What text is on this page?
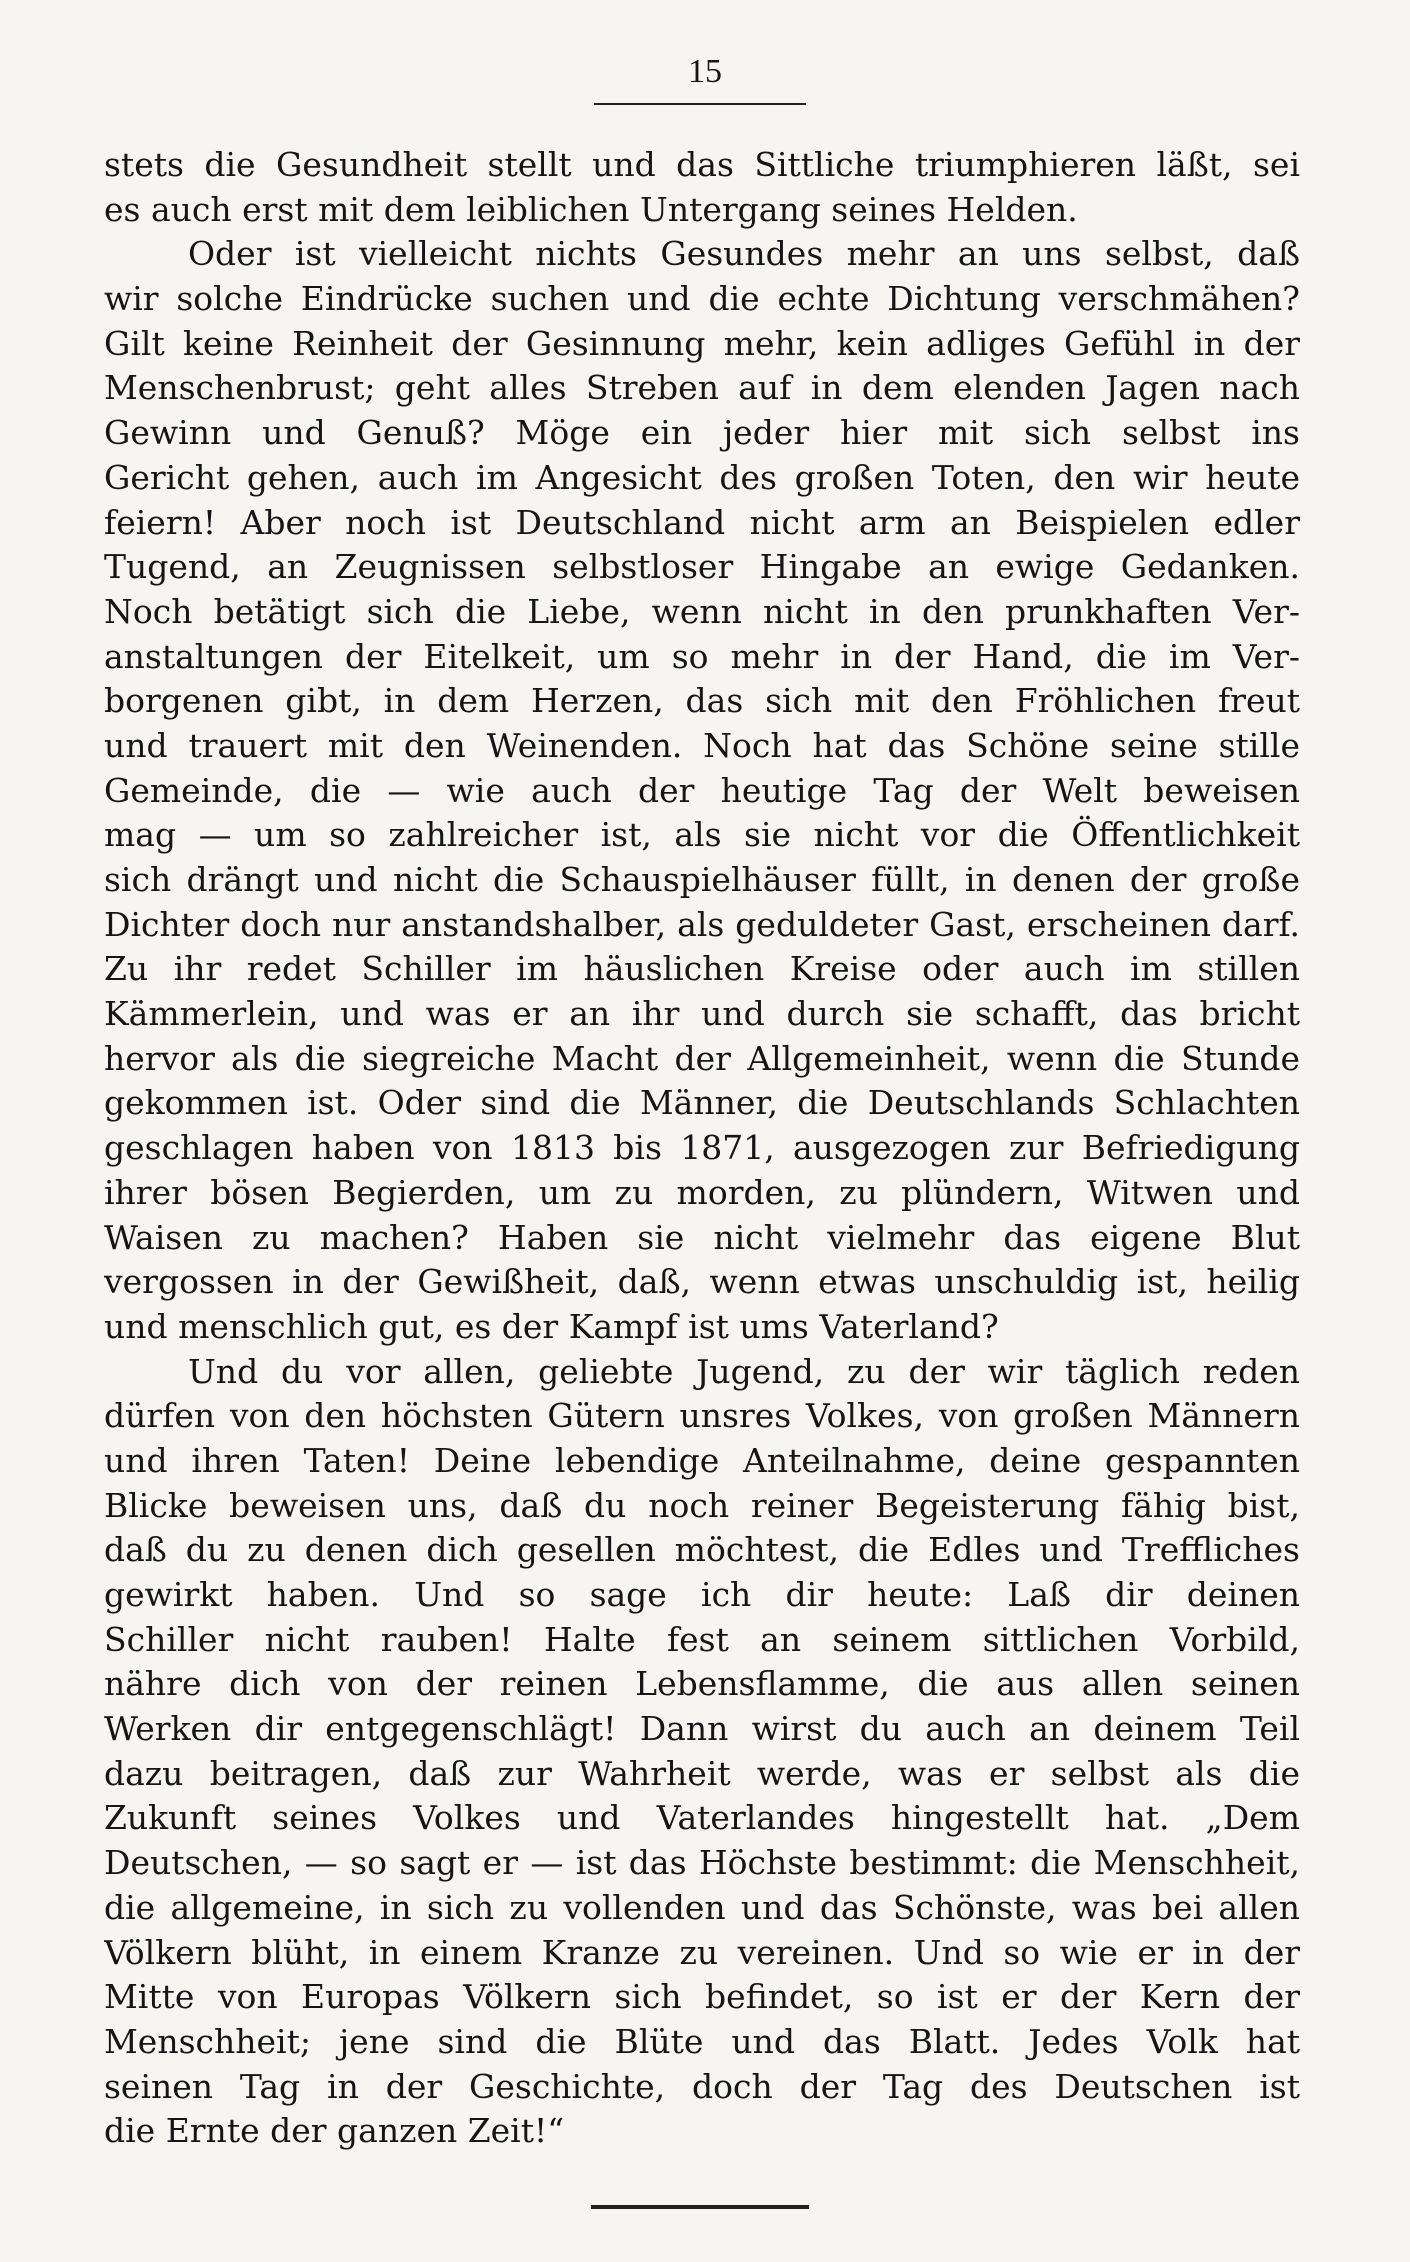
15
stets die Gesundheit stellt und das Sittliche triumphieren läßt, sei
es auch erst mit dem leiblichen Untergang seines Helden.
Oder ist vielleicht nichts Gesundes mehr an uns selbst, daß
wir solche Eindrücke suchen und die echte Dichtung verschmähen?
Gilt keine Reinheit der Gesinnung mehr, kein adliges Gefühl in der
Menschenbrust; geht alles Streben auf in dem elenden Jagen nach
Gewinn und Genuß? Möge ein jeder hier mit sich selbst ins
Gericht gehen, auch im Angesicht des großen Toten, den wir heute
feiern! Aber noch ist Deutschland nicht arm an Beispielen edler
Tugend, an Zeugnissen selbstloser Hingabe an ewige Gedanken.
Noch betätigt sich die Liebe, wenn nicht in den prunkhaften Ver-
anstaltungen der Eitelkeit, um so mehr in der Hand, die im Ver-
borgenen gibt, in dem Herzen, das sich mit den Fröhlichen freut
und trauert mit den Weinenden. Noch hat das Schöne seine stille
Gemeinde, die — wie auch der heutige Tag der Welt beweisen
mag — um so zahlreicher ist, als sie nicht vor die Öffentlichkeit
sich drängt und nicht die Schauspielhäuser füllt, in denen der große
Dichter doch nur anstandshalber, als geduldeter Gast, erscheinen darf.
Zu ihr redet Schiller im häuslichen Kreise oder auch im stillen
Kämmerlein, und was er an ihr und durch sie schafft, das bricht
hervor als die siegreiche Macht der Allgemeinheit, wenn die Stunde
gekommen ist. Oder sind die Männer, die Deutschlands Schlachten
geschlagen haben von 1813 bis 1871, ausgezogen zur Befriedigung
ihrer bösen Begierden, um zu morden, zu plündern, Witwen und
Waisen zu machen? Haben sie nicht vielmehr das eigene Blut
vergossen in der Gewißheit, daß, wenn etwas unschuldig ist, heilig
und menschlich gut, es der Kampf ist ums Vaterland?
Und du vor allen, geliebte Jugend, zu der wir täglich reden
dürfen von den höchsten Gütern unsres Volkes, von großen Männern
und ihren Taten! Deine lebendige Anteilnahme, deine gespannten
Blicke beweisen uns, daß du noch reiner Begeisterung fähig bist,
daß du zu denen dich gesellen möchtest, die Edles und Treffliches
gewirkt haben. Und so sage ich dir heute: Laß dir deinen
Schiller nicht rauben! Halte fest an seinem sittlichen Vorbild,
nähre dich von der reinen Lebensflamme, die aus allen seinen
Werken dir entgegenschlägt! Dann wirst du auch an deinem Teil
dazu beitragen, daß zur Wahrheit werde, was er selbst als die
Zukunft seines Volkes und Vaterlandes hingestellt hat. „Dem
Deutschen, — so sagt er — ist das Höchste bestimmt: die Menschheit,
die allgemeine, in sich zu vollenden und das Schönste, was bei allen
Völkern blüht, in einem Kranze zu vereinen. Und so wie er in der
Mitte von Europas Völkern sich befindet, so ist er der Kern der
Menschheit; jene sind die Blüte und das Blatt. Jedes Volk hat
seinen Tag in der Geschichte, doch der Tag des Deutschen ist
die Ernte der ganzen Zeit!“
